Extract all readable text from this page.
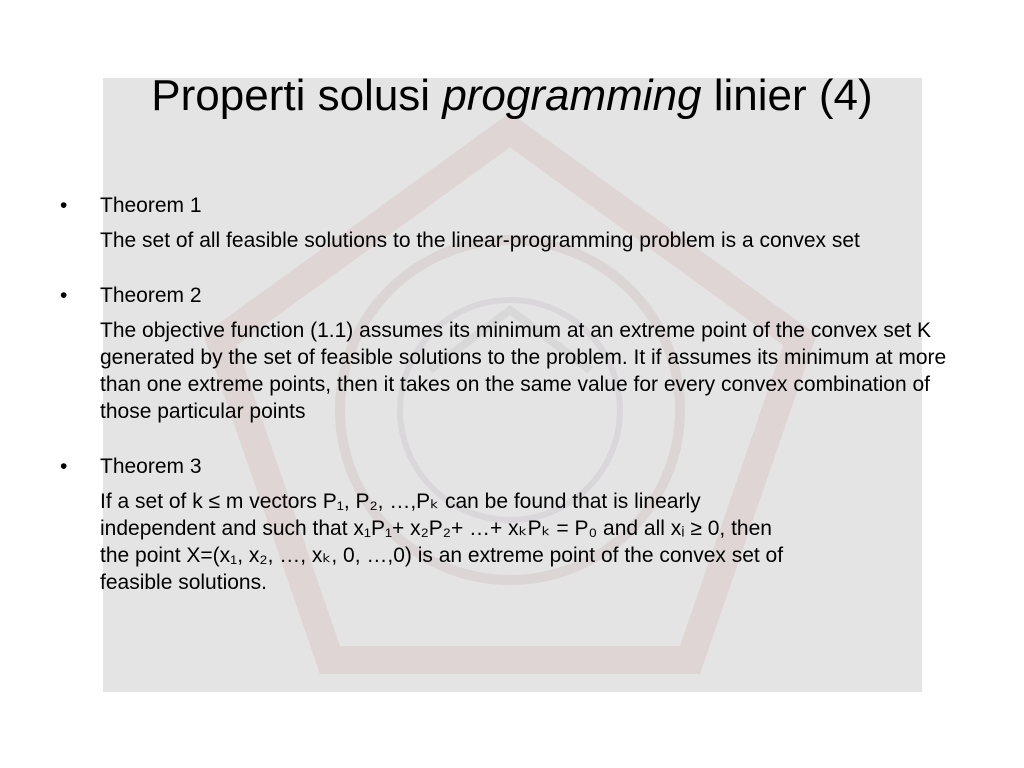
Properti solusi programming linier (4)
•	Theorem 1

The set of all feasible solutions to the linear-programming problem is a convex set

•	Theorem 2

The objective function (1.1) assumes its minimum at an extreme point of the convex set K generated by the set of feasible solutions to the problem. It if assumes its minimum at more than one extreme points, then it takes on the same value for every convex combination of those particular points

•	Theorem 3
If a set of k ≤ m vectors P₁, P₂, …,Pₖ can be found that is linearly
independent and such that x₁P₁+ x₂P₂+ …+ xₖPₖ = P₀ and all xᵢ ≥ 0, then
the point X=(x₁, x₂, …, xₖ, 0, …,0) is an extreme point of the convex set of
feasible solutions.
